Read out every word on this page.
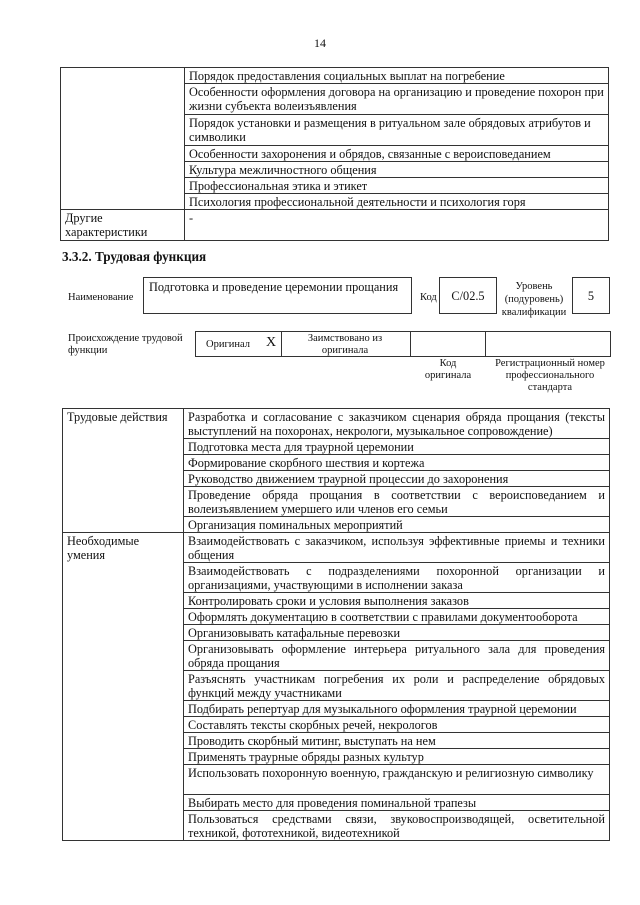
14
	Порядок предоставления социальных выплат на погребение
	Особенности оформления договора на организацию и проведение похорон при жизни субъекта волеизъявления
	Порядок установки и размещения в ритуальном зале обрядовых атрибутов и символики
	Особенности захоронения и обрядов, связанные с вероисповеданием
	Культура межличностного общения
	Профессиональная этика и этикет
	Психология профессиональной деятельности и психология горя
Другие характеристики	-
3.3.2. Трудовая функция
Наименование
Подготовка и проведение церемонии прощания
Код	C/02.5
Уровень (подуровень) квалификации
5
Происхождение трудовой функции
Оригинал X	Заимствовано из оригинала
Код оригинала
Регистрационный номер профессионального стандарта
Трудовые действия	Разработка и согласование с заказчиком сценария обряда прощания (тексты выступлений на похоронах, некрологи, музыкальное сопровождение)
	Подготовка места для траурной церемонии
	Формирование скорбного шествия и кортежа
	Руководство движением траурной процессии до захоронения
	Проведение обряда прощания в соответствии с вероисповеданием и волеизъявлением умершего или членов его семьи
	Организация поминальных мероприятий
Необходимые умения	Взаимодействовать с заказчиком, используя эффективные приемы и техники общения
	Взаимодействовать с подразделениями похоронной организации и организациями, участвующими в исполнении заказа
	Контролировать сроки и условия выполнения заказов
	Оформлять документацию в соответствии с правилами документооборота
	Организовывать катафальные перевозки
	Организовывать оформление интерьера ритуального зала для проведения обряда прощания
	Разъяснять участникам погребения их роли и распределение обрядовых функций между участниками
	Подбирать репертуар для музыкального оформления траурной церемонии
	Составлять тексты скорбных речей, некрологов
	Проводить скорбный митинг, выступать на нем
	Применять траурные обряды разных культур
	Использовать похоронную военную, гражданскую и религиозную символику
	Выбирать место для проведения поминальной трапезы
	Пользоваться средствами связи, звуковоспроизводящей, осветительной техникой, фототехникой, видеотехникой
